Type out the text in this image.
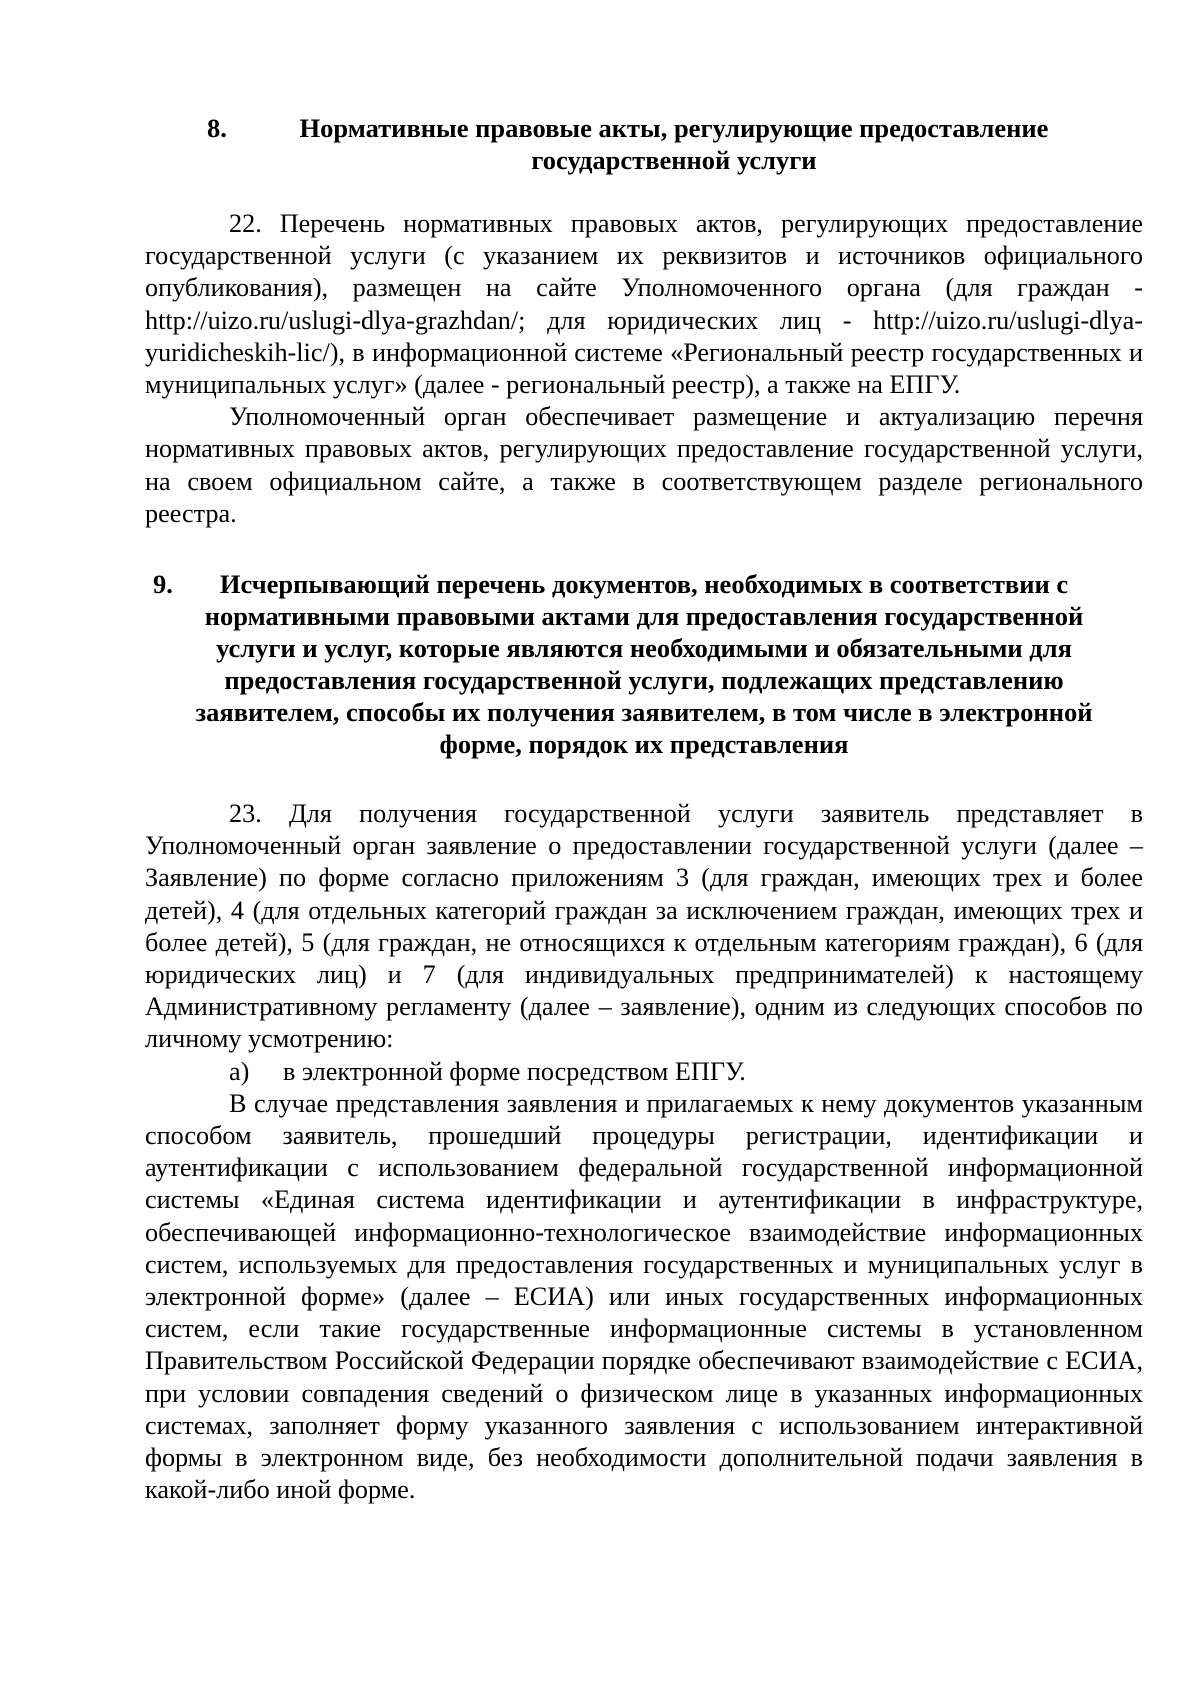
8.	Нормативные правовые акты, регулирующие предоставление
государственной услуги

22. Перечень нормативных правовых актов, регулирующих предоставление государственной услуги (с указанием их реквизитов и источников официального опубликования), размещен на сайте Уполномоченного органа (для граждан - http://uizo.ru/uslugi-dlya-grazhdan/; для юридических лиц - http://uizo.ru/uslugi-dlya-yuridicheskih-lic/), в информационной системе «Региональный реестр государственных и муниципальных услуг» (далее - региональный реестр), а также на ЕПГУ.

Уполномоченный орган обеспечивает размещение и актуализацию перечня нормативных правовых актов, регулирующих предоставление государственной услуги, на своем официальном сайте, а также в соответствующем разделе регионального реестра.

9.	Исчерпывающий перечень документов, необходимых в соответствии с
нормативными правовыми актами для предоставления государственной
услуги и услуг, которые являются необходимыми и обязательными для
предоставления государственной услуги, подлежащих представлению
заявителем, способы их получения заявителем, в том числе в электронной
форме, порядок их представления

23. Для получения государственной услуги заявитель представляет в Уполномоченный орган заявление о предоставлении государственной услуги (далее – Заявление) по форме согласно приложениям 3 (для граждан, имеющих трех и более детей), 4 (для отдельных категорий граждан за исключением граждан, имеющих трех и более детей), 5 (для граждан, не относящихся к отдельным категориям граждан), 6 (для юридических лиц) и 7 (для индивидуальных предпринимателей) к настоящему Административному регламенту (далее – заявление), одним из следующих способов по личному усмотрению:

а) в электронной форме посредством ЕПГУ.

В случае представления заявления и прилагаемых к нему документов указанным способом заявитель, прошедший процедуры регистрации, идентификации и аутентификации с использованием федеральной государственной информационной системы «Единая система идентификации и аутентификации в инфраструктуре, обеспечивающей информационно-технологическое взаимодействие информационных систем, используемых для предоставления государственных и муниципальных услуг в электронной форме» (далее – ЕСИА) или иных государственных информационных систем, если такие государственные информационные системы в установленном Правительством Российской Федерации порядке обеспечивают взаимодействие с ЕСИА, при условии совпадения сведений о физическом лице в указанных информационных системах, заполняет форму указанного заявления с использованием интерактивной формы в электронном виде, без необходимости дополнительной подачи заявления в какой-либо иной форме.
